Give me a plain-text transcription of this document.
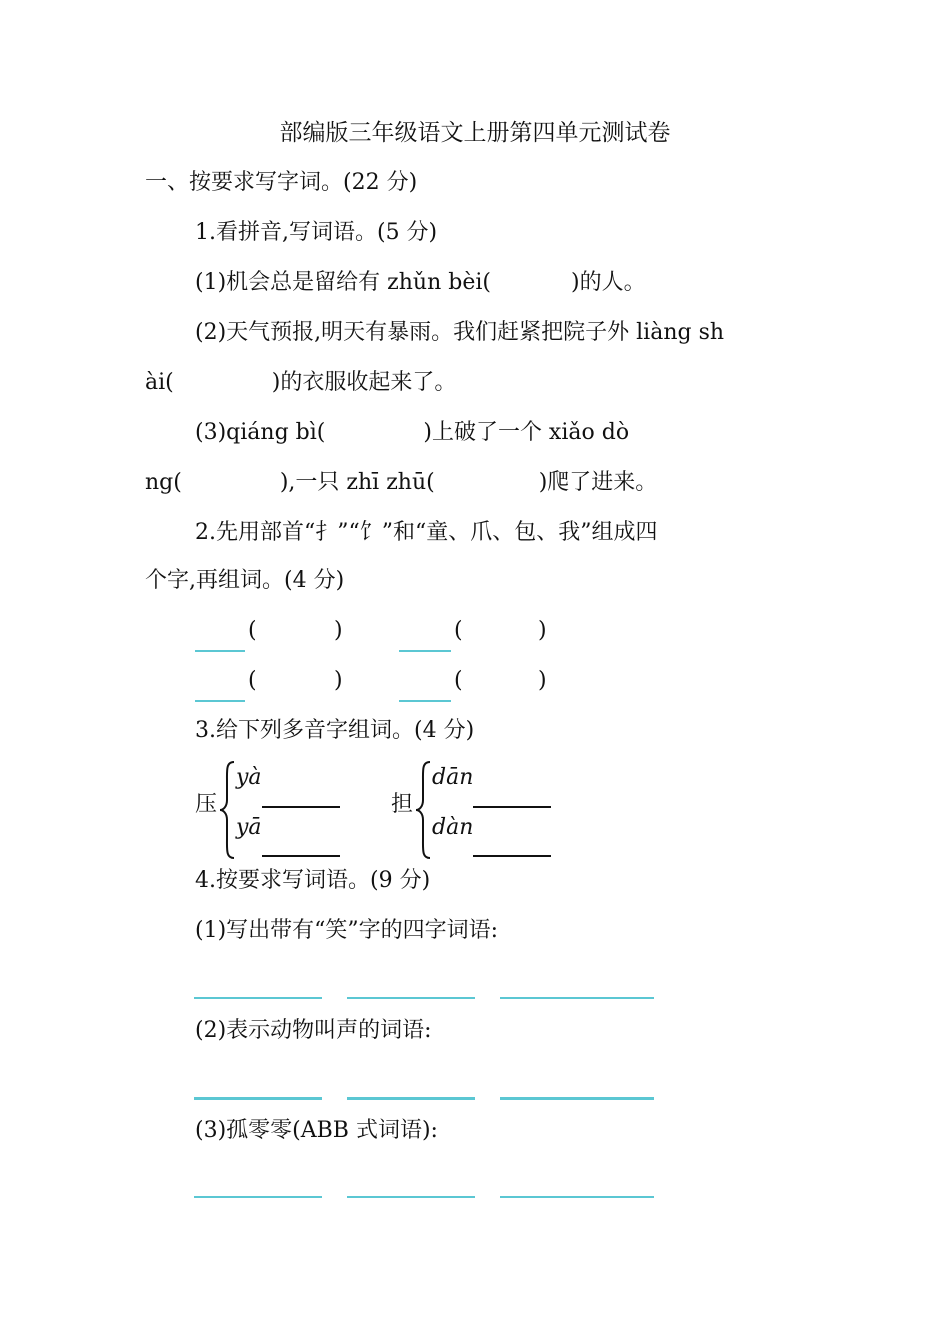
部编版三年级语文上册第四单元测试卷
一、按要求写字词。(22 分)
1.看拼音,写词语。(5 分)
(1)机会总是留给有 zhǔn bèi(	)的人。
(2)天气预报,明天有暴雨。我们赶紧把院子外 liàng sh
ài(	)的衣服收起来了。
(3)qiáng bì(	)上破了一个 xiǎo dò
ng(	),一只 zhī zhū(	)爬了进来。
2.先用部首“扌”“饣”和“童、爪、包、我”组成四
个字,再组词。(4 分)
(	)	(	)
(	)	(	)
3.给下列多音字组词。(4 分)
压
yà
yā
担
dān
dàn
4.按要求写词语。(9 分)
(1)写出带有“笑”字的四字词语:
(2)表示动物叫声的词语:
(3)孤零零(ABB 式词语):
